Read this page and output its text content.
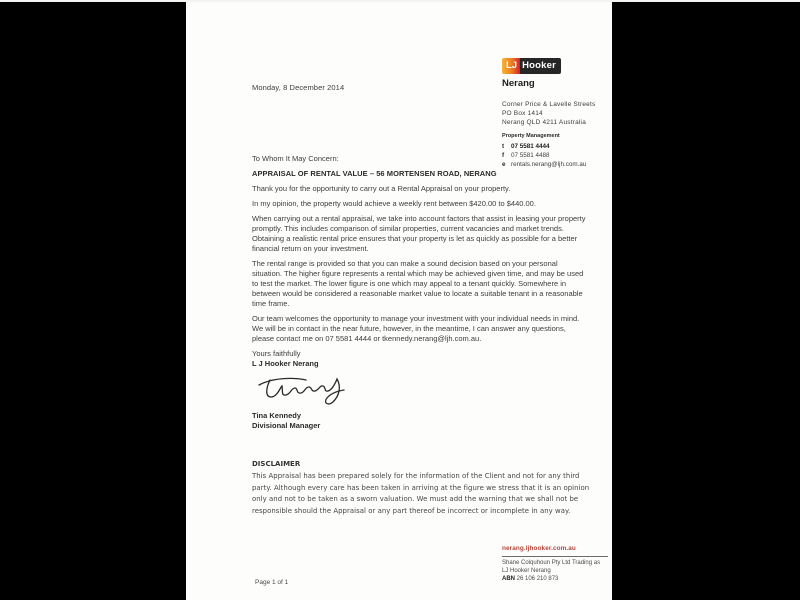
Monday, 8 December 2014
LJ Hooker
Nerang
Corner Price & Lavelle Streets
PO Box 1414
Nerang QLD 4211 Australia
Property Management
t	07 5581 4444
f	07 5581 4488
e rentals.nerang@ljh.com.au
To Whom It May Concern:
APPRAISAL OF RENTAL VALUE – 56 MORTENSEN ROAD, NERANG
Thank you for the opportunity to carry out a Rental Appraisal on your property.
In my opinion, the property would achieve a weekly rent between $420.00 to $440.00.
When carrying out a rental appraisal, we take into account factors that assist in leasing your property promptly. This includes comparison of similar properties, current vacancies and market trends. Obtaining a realistic rental price ensures that your property is let as quickly as possible for a better financial return on your investment.
The rental range is provided so that you can make a sound decision based on your personal situation. The higher figure represents a rental which may be achieved given time, and may be used to test the market. The lower figure is one which may appeal to a tenant quickly. Somewhere in between would be considered a reasonable market value to locate a suitable tenant in a reasonable time frame.
Our team welcomes the opportunity to manage your investment with your individual needs in mind. We will be in contact in the near future, however, in the meantime, I can answer any questions, please contact me on 07 5581 4444 or tkennedy.nerang@ljh.com.au.
Yours faithfully
L J Hooker Nerang
Tina Kennedy
Divisional Manager
DISCLAIMER
This Appraisal has been prepared solely for the information of the Client and not for any third party. Although every care has been taken in arriving at the figure we stress that it is an opinion only and not to be taken as a sworn valuation. We must add the warning that we shall not be responsible should the Appraisal or any part thereof be incorrect or incomplete in any way.
nerang.ljhooker.com.au
Shane Colquhoun Pty Ltd Trading as
LJ Hooker Nerang
ABN 26 106 210 873
Page 1 of 1
